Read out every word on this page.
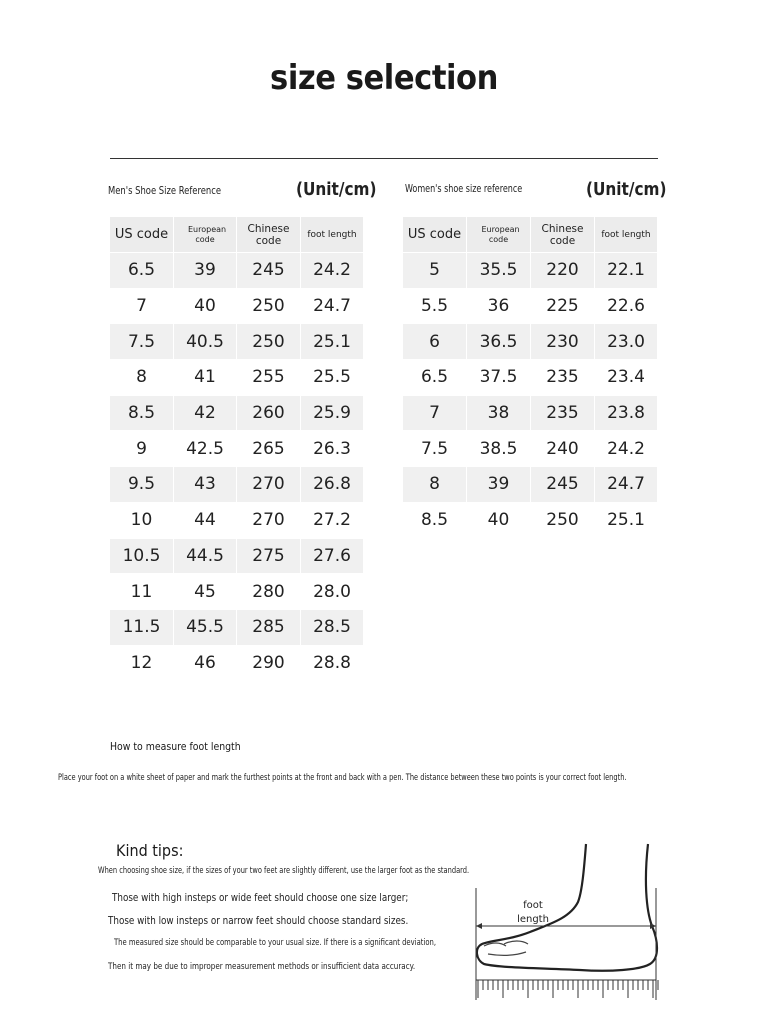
size selection
Men's Shoe Size Reference	(Unit/cm)
US code	European code	Chinese code	foot length
6.5	39	245	24.2
7	40	250	24.7
7.5	40.5	250	25.1
8	41	255	25.5
8.5	42	260	25.9
9	42.5	265	26.3
9.5	43	270	26.8
10	44	270	27.2
10.5	44.5	275	27.6
11	45	280	28.0
11.5	45.5	285	28.5
12	46	290	28.8
Women's shoe size reference	(Unit/cm)
US code	European code	Chinese code	foot length
5	35.5	220	22.1
5.5	36	225	22.6
6	36.5	230	23.0
6.5	37.5	235	23.4
7	38	235	23.8
7.5	38.5	240	24.2
8	39	245	24.7
8.5	40	250	25.1
How to measure foot length
Place your foot on a white sheet of paper and mark the furthest points at the front and back with a pen. The distance between these two points is your correct foot length.
Kind tips:
When choosing shoe size, if the sizes of your two feet are slightly different, use the larger foot as the standard.
Those with high insteps or wide feet should choose one size larger;
Those with low insteps or narrow feet should choose standard sizes.
The measured size should be comparable to your usual size. If there is a significant deviation,
Then it may be due to improper measurement methods or insufficient data accuracy.
foot
length
